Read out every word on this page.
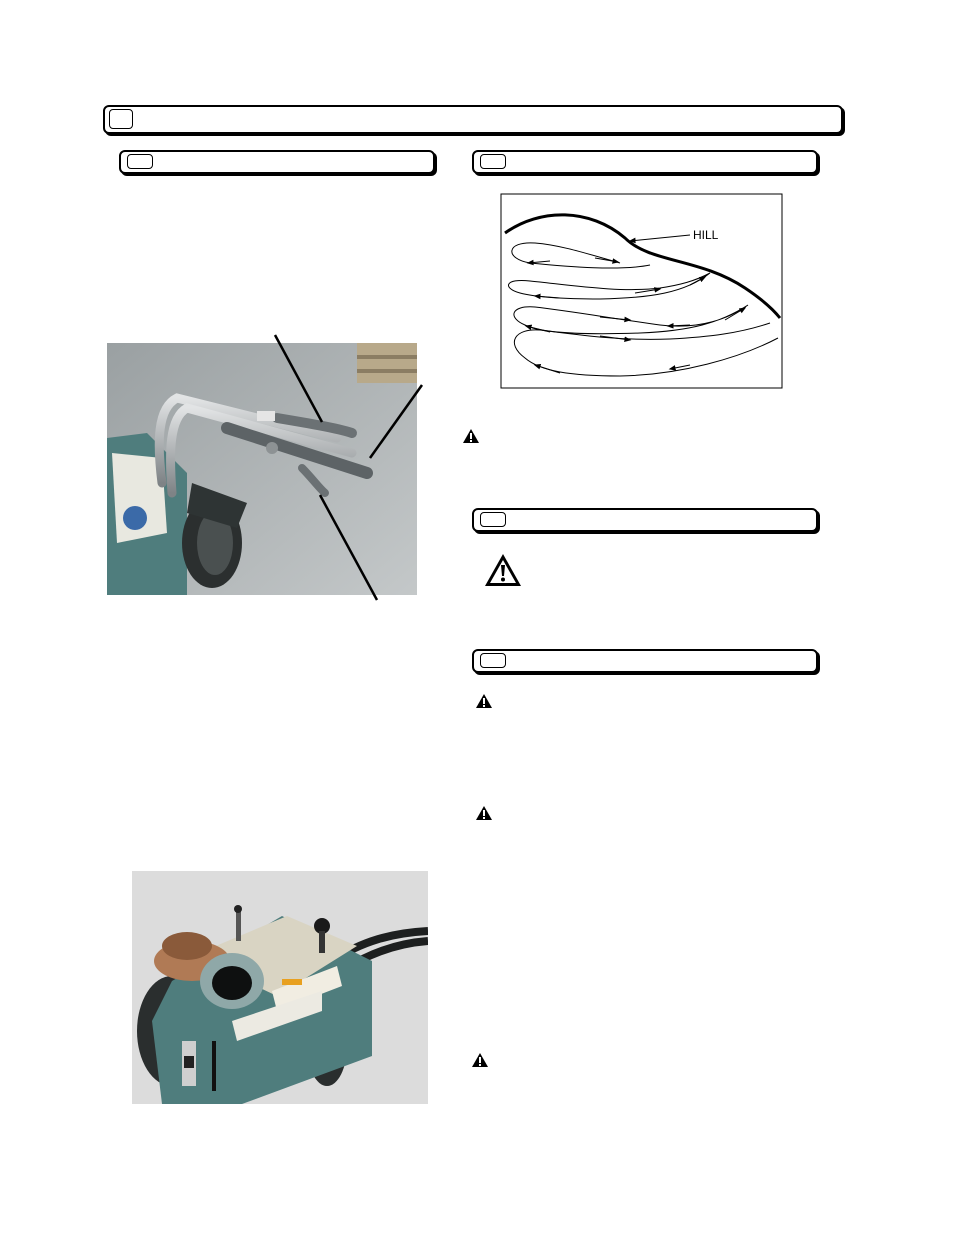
HILL
